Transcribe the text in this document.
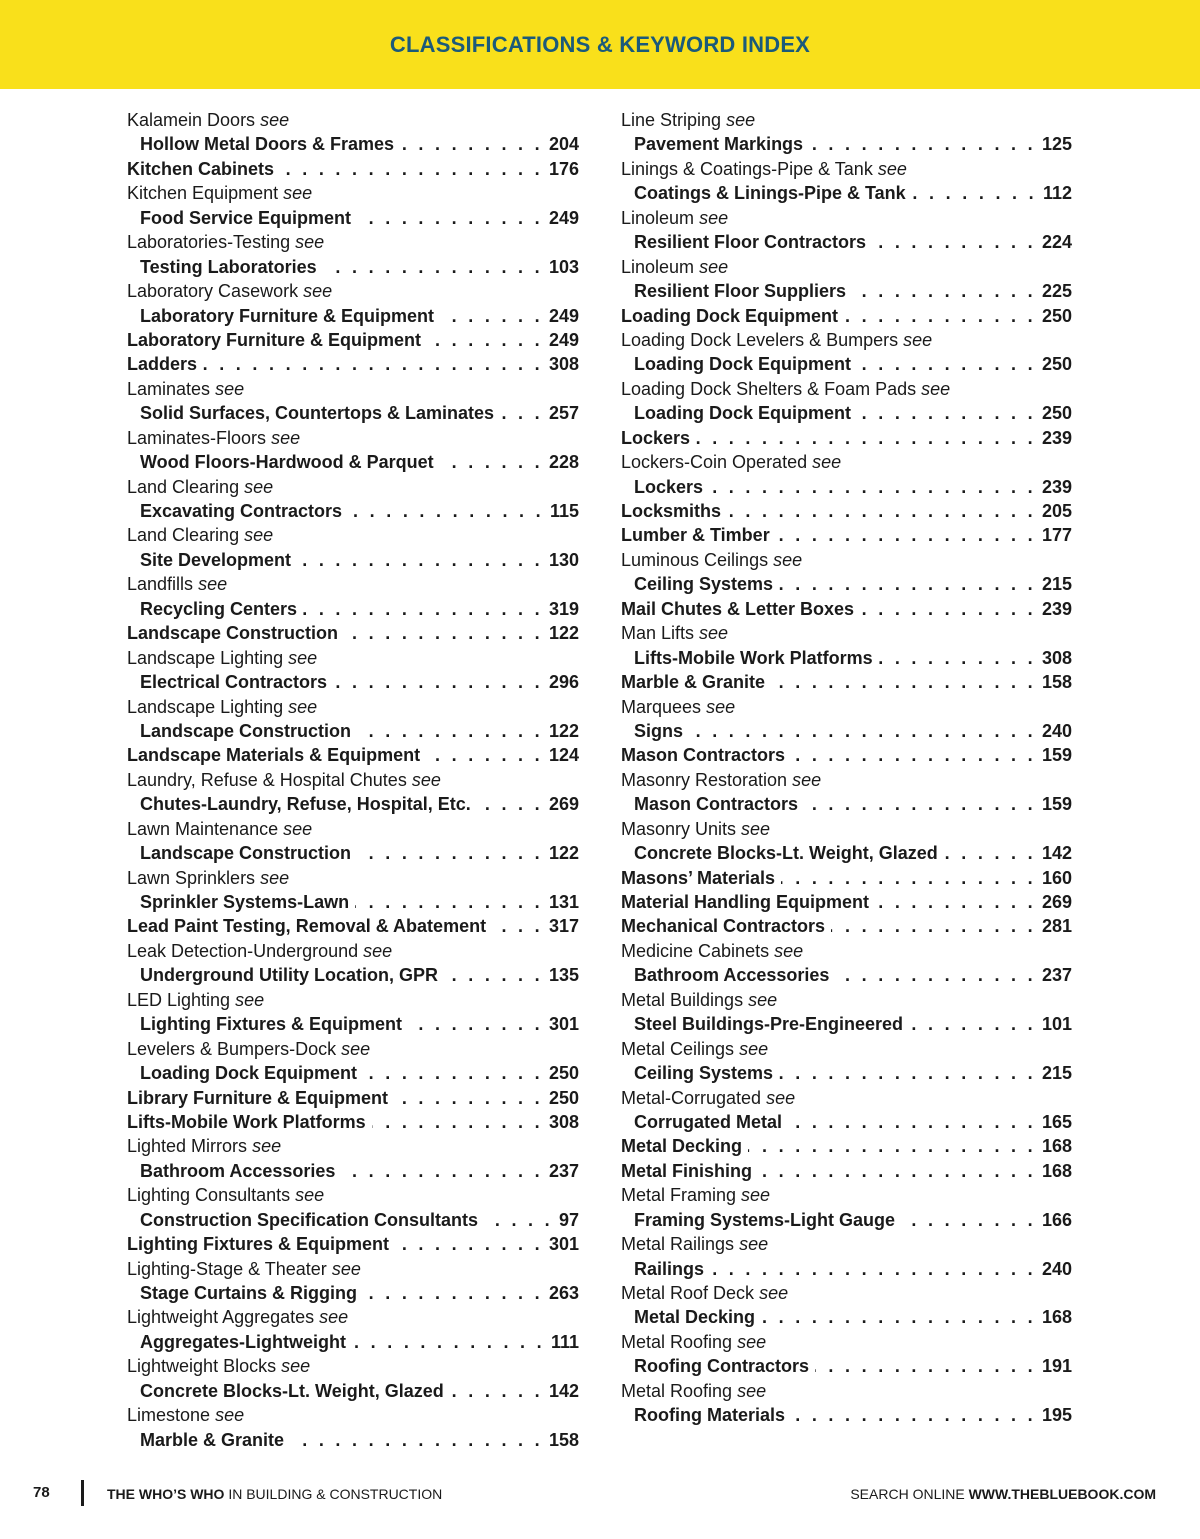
CLASSIFICATIONS & KEYWORD INDEX
Kalamein Doors see
Hollow Metal Doors & Frames . . .	204
Kitchen Cabinets . . .	176
Kitchen Equipment see
Food Service Equipment . . .	249
Laboratories-Testing see
Testing Laboratories . . .	103
Laboratory Casework see
Laboratory Furniture & Equipment . . .	249
Laboratory Furniture & Equipment . . .	249
Ladders . . .	308
Laminates see
Solid Surfaces, Countertops & Laminates . . .	257
Laminates-Floors see
Wood Floors-Hardwood & Parquet . . .	228
Land Clearing see
Excavating Contractors . . .	115
Land Clearing see
Site Development . . .	130
Landfills see
Recycling Centers . . .	319
Landscape Construction . . .	122
Landscape Lighting see
Electrical Contractors . . .	296
Landscape Lighting see
Landscape Construction . . .	122
Landscape Materials & Equipment . . .	124
Laundry, Refuse & Hospital Chutes see
Chutes-Laundry, Refuse, Hospital, Etc. . . .	269
Lawn Maintenance see
Landscape Construction . . .	122
Lawn Sprinklers see
Sprinkler Systems-Lawn . . .	131
Lead Paint Testing, Removal & Abatement . . .	317
Leak Detection-Underground see
Underground Utility Location, GPR . . .	135
LED Lighting see
Lighting Fixtures & Equipment . . .	301
Levelers & Bumpers-Dock see
Loading Dock Equipment . . .	250
Library Furniture & Equipment . . .	250
Lifts-Mobile Work Platforms . . .	308
Lighted Mirrors see
Bathroom Accessories . . .	237
Lighting Consultants see
Construction Specification Consultants . . .	97
Lighting Fixtures & Equipment . . .	301
Lighting-Stage & Theater see
Stage Curtains & Rigging . . .	263
Lightweight Aggregates see
Aggregates-Lightweight . . .	111
Lightweight Blocks see
Concrete Blocks-Lt. Weight, Glazed . . .	142
Limestone see
Marble & Granite . . .	158
Line Striping see
Pavement Markings . . .	125
Linings & Coatings-Pipe & Tank see
Coatings & Linings-Pipe & Tank . . .	112
Linoleum see
Resilient Floor Contractors . . .	224
Linoleum see
Resilient Floor Suppliers . . .	225
Loading Dock Equipment . . .	250
Loading Dock Levelers & Bumpers see
Loading Dock Equipment . . .	250
Loading Dock Shelters & Foam Pads see
Loading Dock Equipment . . .	250
Lockers . . .	239
Lockers-Coin Operated see
Lockers . . .	239
Locksmiths . . .	205
Lumber & Timber . . .	177
Luminous Ceilings see
Ceiling Systems . . .	215
Mail Chutes & Letter Boxes . . .	239
Man Lifts see
Lifts-Mobile Work Platforms . . .	308
Marble & Granite . . .	158
Marquees see
Signs . . .	240
Mason Contractors . . .	159
Masonry Restoration see
Mason Contractors . . .	159
Masonry Units see
Concrete Blocks-Lt. Weight, Glazed . . .	142
Masons’ Materials . . .	160
Material Handling Equipment . . .	269
Mechanical Contractors . . .	281
Medicine Cabinets see
Bathroom Accessories . . .	237
Metal Buildings see
Steel Buildings-Pre-Engineered . . .	101
Metal Ceilings see
Ceiling Systems . . .	215
Metal-Corrugated see
Corrugated Metal . . .	165
Metal Decking . . .	168
Metal Finishing . . .	168
Metal Framing see
Framing Systems-Light Gauge . . .	166
Metal Railings see
Railings . . .	240
Metal Roof Deck see
Metal Decking . . .	168
Metal Roofing see
Roofing Contractors . . .	191
Metal Roofing see
Roofing Materials . . .	195
78	THE WHO’S WHO IN BUILDING & CONSTRUCTION	SEARCH ONLINE WWW.THEBLUEBOOK.COM
